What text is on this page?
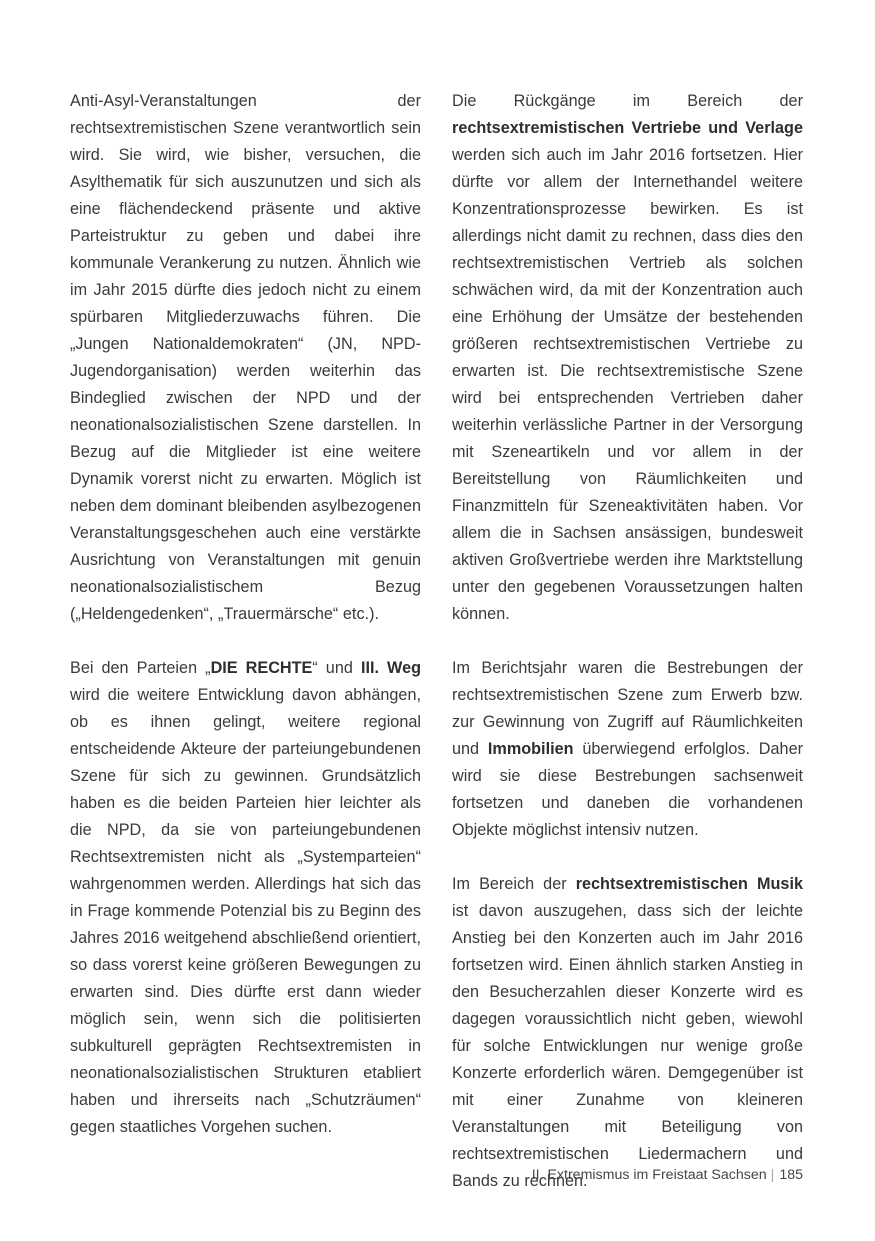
Anti-Asyl-Veranstaltungen der rechtsextremistischen Szene verantwortlich sein wird. Sie wird, wie bisher, versuchen, die Asylthematik für sich auszunutzen und sich als eine flächendeckend präsente und aktive Parteistruktur zu geben und dabei ihre kommunale Verankerung zu nutzen. Ähnlich wie im Jahr 2015 dürfte dies jedoch nicht zu einem spürbaren Mitgliederzuwachs führen. Die „Jungen Nationaldemokraten“ (JN, NPD-Jugendorganisation) werden weiterhin das Bindeglied zwischen der NPD und der neonationalsozialistischen Szene darstellen. In Bezug auf die Mitglieder ist eine weitere Dynamik vorerst nicht zu erwarten. Möglich ist neben dem dominant bleibenden asylbezogenen Veranstaltungsgeschehen auch eine verstärkte Ausrichtung von Veranstaltungen mit genuin neonationalsozialistischem Bezug („Heldengedenken“, „Trauermärsche“ etc.).

Bei den Parteien „DIE RECHTE“ und III. Weg wird die weitere Entwicklung davon abhängen, ob es ihnen gelingt, weitere regional entscheidende Akteure der parteiungebundenen Szene für sich zu gewinnen. Grundsätzlich haben es die beiden Parteien hier leichter als die NPD, da sie von parteiungebundenen Rechtsextremisten nicht als „Systemparteien“ wahrgenommen werden. Allerdings hat sich das in Frage kommende Potenzial bis zu Beginn des Jahres 2016 weitgehend abschließend orientiert, so dass vorerst keine größeren Bewegungen zu erwarten sind. Dies dürfte erst dann wieder möglich sein, wenn sich die politisierten subkulturell geprägten Rechtsextremisten in neonationalsozialistischen Strukturen etabliert haben und ihrerseits nach „Schutzräumen“ gegen staatliches Vorgehen suchen.

Die Rückgänge im Bereich der rechtsextremistischen Vertriebe und Verlage werden sich auch im Jahr 2016 fortsetzen. Hier dürfte vor allem der Internethandel weitere Konzentrationsprozesse bewirken. Es ist allerdings nicht damit zu rechnen, dass dies den rechtsextremistischen Vertrieb als solchen schwächen wird, da mit der Konzentration auch eine Erhöhung der Umsätze der bestehenden größeren rechtsextremistischen Vertriebe zu erwarten ist. Die rechtsextremistische Szene wird bei entsprechenden Vertrieben daher weiterhin verlässliche Partner in der Versorgung mit Szeneartikeln und vor allem in der Bereitstellung von Räumlichkeiten und Finanzmitteln für Szeneaktivitäten haben. Vor allem die in Sachsen ansässigen, bundesweit aktiven Großvertriebe werden ihre Marktstellung unter den gegebenen Voraussetzungen halten können.

Im Berichtsjahr waren die Bestrebungen der rechtsextremistischen Szene zum Erwerb bzw. zur Gewinnung von Zugriff auf Räumlichkeiten und Immobilien überwiegend erfolglos. Daher wird sie diese Bestrebungen sachsenweit fortsetzen und daneben die vorhandenen Objekte möglichst intensiv nutzen.

Im Bereich der rechtsextremistischen Musik ist davon auszugehen, dass sich der leichte Anstieg bei den Konzerten auch im Jahr 2016 fortsetzen wird. Einen ähnlich starken Anstieg in den Besucherzahlen dieser Konzerte wird es dagegen voraussichtlich nicht geben, wiewohl für solche Entwicklungen nur wenige große Konzerte erforderlich wären. Demgegenüber ist mit einer Zunahme von kleineren Veranstaltungen mit Beteiligung von rechtsextremistischen Liedermachern und Bands zu rechnen.

II. Extremismus im Freistaat Sachsen | 185
